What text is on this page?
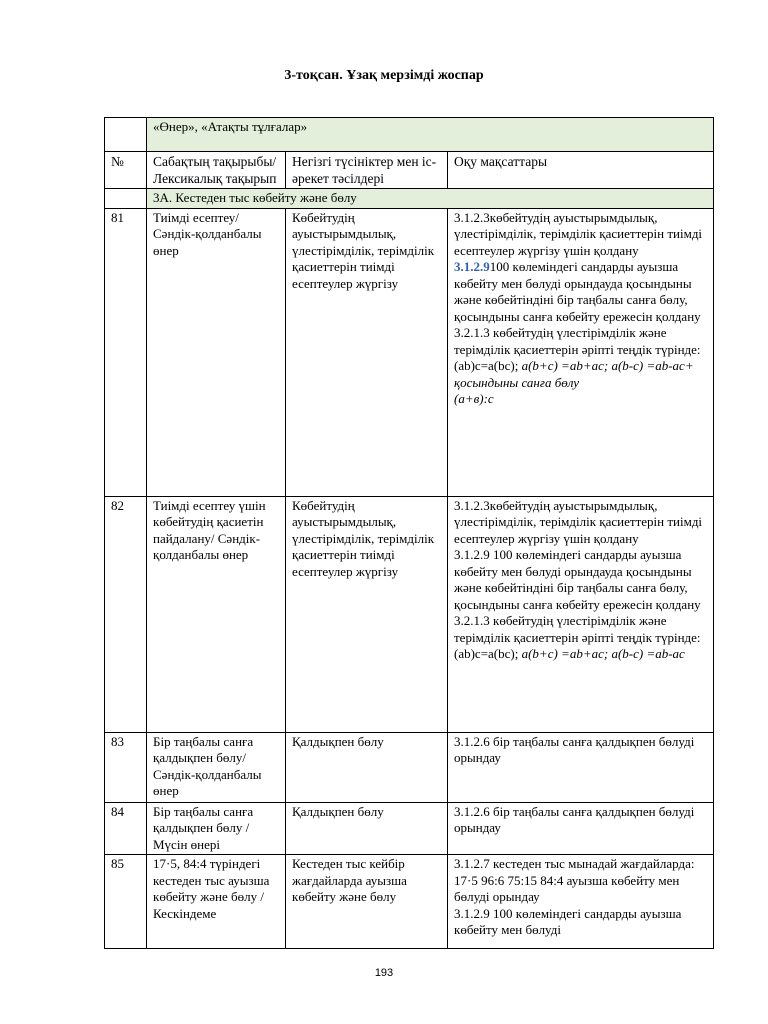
3-тоқсан. Ұзақ мерзімді жоспар
	«Өнер», «Атақты тұлғалар»		
№	Сабақтың тақырыбы/ Лексикалық тақырып	Негізгі түсініктер мен іс-әрекет тәсілдері	Оқу мақсаттары
	3А. Кестеден тыс көбейту және бөлу		
81	Тиімді есептеу/ Сәндік-қолданбалы өнер	Көбейтудің ауыстырымдылық, үлестірімділік, терімділік қасиеттерін тиімді есептеулер жүргізу	3.1.2.3көбейтудің ауыстырымдылық, үлестірімділік, терімділік қасиеттерін тиімді есептеулер жүргізу үшін қолдану
3.1.2.9100 көлеміндегі сандарды ауызша көбейту мен бөлуді орындауда қосындыны және көбейтіндіні бір таңбалы санға бөлу, қосындыны санға көбейту ережесін қолдану
3.2.1.3 көбейтудің үлестірімділік және терімділік қасиеттерін әріпті теңдік түрінде: (ab)c=a(bc); a(b+c) =ab+ac; a(b-c) =ab-ac+ қосындыны санға бөлу
(а+в):с

82	Тиімді есептеу үшін көбейтудің қасиетін пайдалану/ Сәндік-қолданбалы өнер	Көбейтудің ауыстырымдылық, үлестірімділік, терімділік қасиеттерін тиімді есептеулер жүргізу	3.1.2.3көбейтудің ауыстырымдылық, үлестірімділік, терімділік қасиеттерін тиімді есептеулер жүргізу үшін қолдану
3.1.2.9 100 көлеміндегі сандарды ауызша көбейту мен бөлуді орындауда қосындыны және көбейтіндіні бір таңбалы санға бөлу, қосындыны санға көбейту ережесін қолдану
3.2.1.3 көбейтудің үлестірімділік және терімділік қасиеттерін әріпті теңдік түрінде: (ab)c=a(bc); a(b+c) =ab+ac; a(b-c) =ab-ac

83	Бір таңбалы санға қалдықпен бөлу/Сәндік-қолданбалы өнер	Қалдықпен бөлу	3.1.2.6 бір таңбалы санға қалдықпен бөлуді орындау
84	Бір таңбалы санға қалдықпен бөлу / Мүсін өнері	Қалдықпен бөлу	3.1.2.6 бір таңбалы санға қалдықпен бөлуді орындау
85	17·5, 84:4 түріндегі кестеден тыс ауызша көбейту және бөлу /Кескіндеме	Кестеден тыс кейбір жағдайларда ауызша көбейту және бөлу	3.1.2.7 кестеден тыс мынадай жағдайларда: 17·5 96:6 75:15 84:4 ауызша көбейту мен бөлуді орындау
3.1.2.9 100 көлеміндегі сандарды ауызша көбейту мен бөлуді
193
